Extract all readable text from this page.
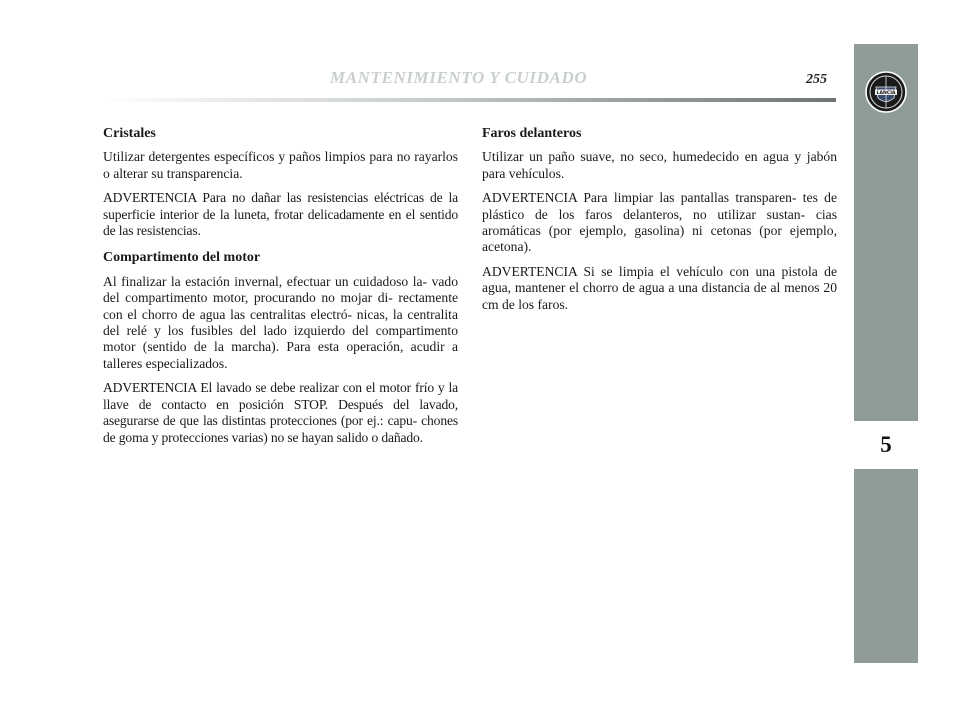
MANTENIMIENTO Y CUIDADO	255
LANCIA
5
Cristales

Utilizar detergentes específicos y paños limpios para no rayarlos o alterar su transparencia.

ADVERTENCIA Para no dañar las resistencias eléctricas de la superficie interior de la luneta, frotar delicadamente en el sentido de las resistencias.

Compartimento del motor

Al finalizar la estación invernal, efectuar un cuidadoso la- vado del compartimento motor, procurando no mojar di- rectamente con el chorro de agua las centralitas electró- nicas, la centralita del relé y los fusibles del lado izquierdo del compartimento motor (sentido de la marcha). Para esta operación, acudir a talleres especializados.

ADVERTENCIA El lavado se debe realizar con el motor frío y la llave de contacto en posición STOP. Después del lavado, asegurarse de que las distintas protecciones (por ej.: capu- chones de goma y protecciones varias) no se hayan salido o dañado.

Faros delanteros

Utilizar un paño suave, no seco, humedecido en agua y jabón para vehículos.

ADVERTENCIA Para limpiar las pantallas transparen- tes de plástico de los faros delanteros, no utilizar sustan- cias aromáticas (por ejemplo, gasolina) ni cetonas (por ejemplo, acetona).

ADVERTENCIA Si se limpia el vehículo con una pistola de agua, mantener el chorro de agua a una distancia de al menos 20 cm de los faros.
